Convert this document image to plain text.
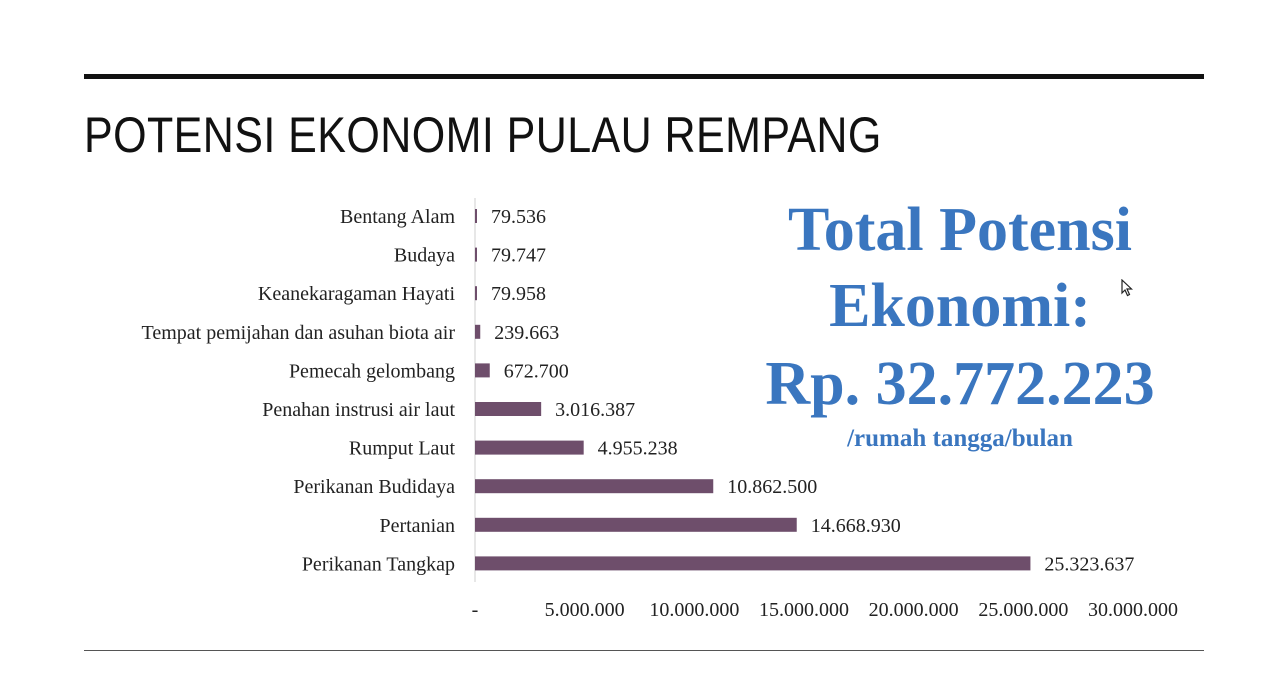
POTENSI EKONOMI PULAU REMPANG
Bentang Alam 79.536
Budaya 79.747
Keanekaragaman Hayati 79.958
Tempat pemijahan dan asuhan biota air 239.663
Pemecah gelombang 672.700
Penahan instrusi air laut	3.016.387
Rumput Laut	4.955.238
Perikanan Budidaya	10.862.500
Pertanian	14.668.930
Perikanan Tangkap	25.323.637
-	5.000.000 10.000.000 15.000.000 20.000.000 25.000.000 30.000.000
Total Potensi
Ekonomi:
Rp. 32.772.223
/rumah tangga/bulan
